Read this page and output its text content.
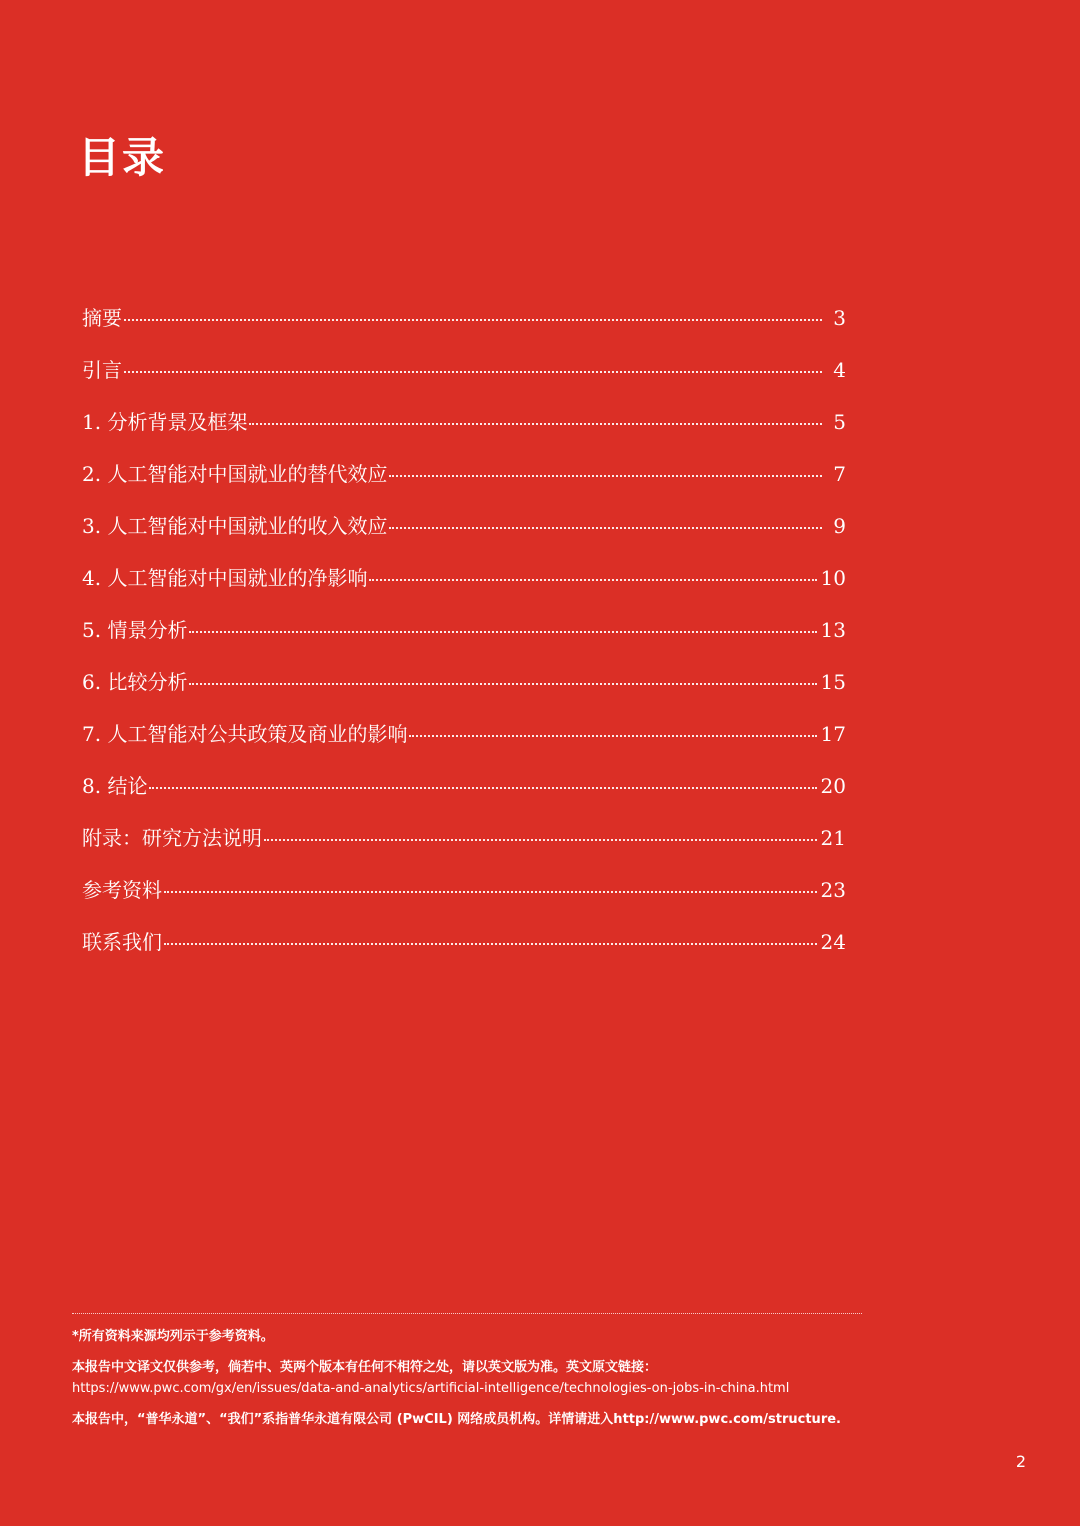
目录
摘要	3
引言	4
1. 分析背景及框架	5
2. 人工智能对中国就业的替代效应	7
3. 人工智能对中国就业的收入效应	9
4. 人工智能对中国就业的净影响	10
5. 情景分析	13
6. 比较分析	15
7. 人工智能对公共政策及商业的影响	17
8. 结论	20
附录：研究方法说明	21
参考资料	23
联系我们	24

*所有资料来源均列示于参考资料。

本报告中文译文仅供参考，倘若中、英两个版本有任何不相符之处，请以英文版为准。英文原文链接：
https://www.pwc.com/gx/en/issues/data-and-analytics/artificial-intelligence/technologies-on-jobs-in-china.html

本报告中，“普华永道”、“我们”系指普华永道有限公司 (PwCIL) 网络成员机构。详情请进入http://www.pwc.com/structure.

2
